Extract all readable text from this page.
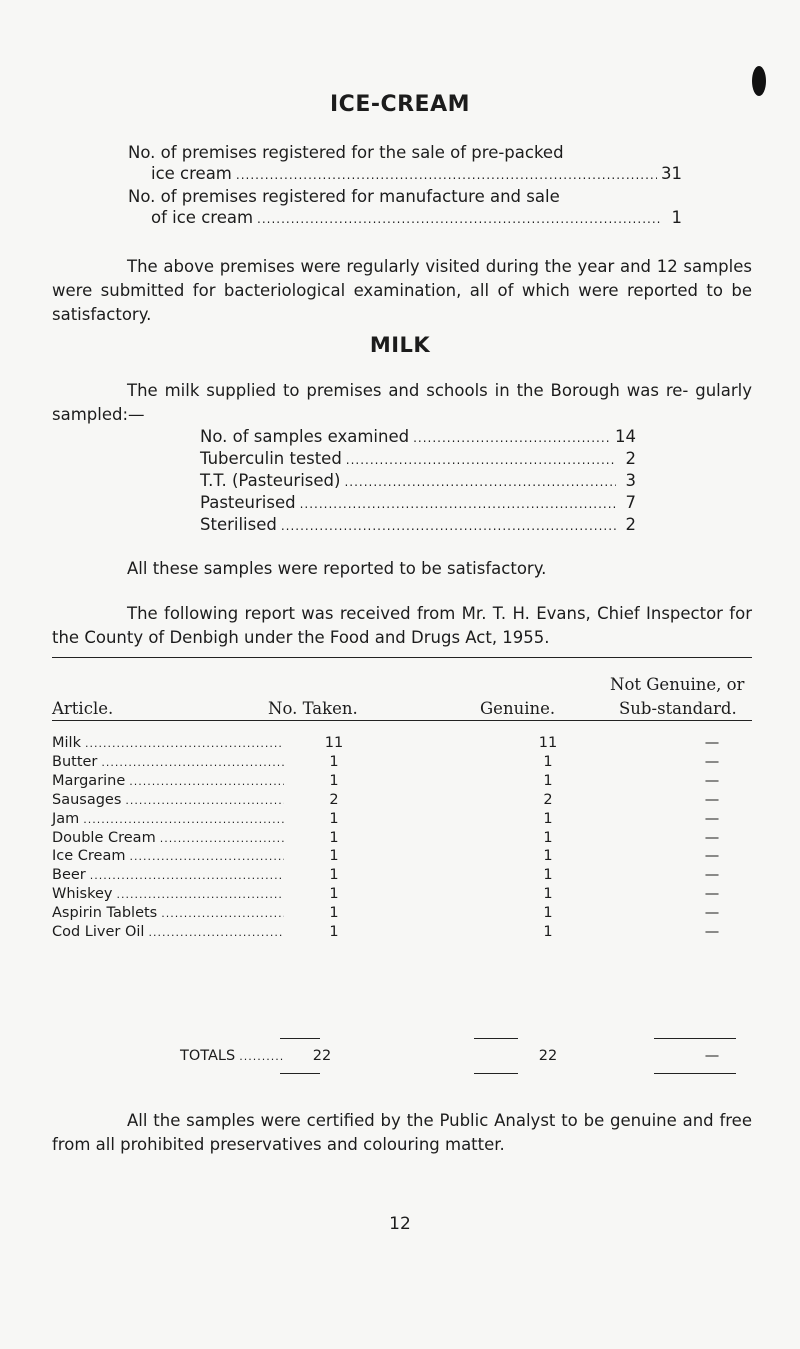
ICE-CREAM
No. of premises registered for the sale of pre-packed
ice cream .....	31
No. of premises registered for manufacture and sale
of ice cream .....	1

The above premises were regularly visited during the year and 12 samples were submitted for bacteriological examination, all of which were reported to be satisfactory.

MILK

The milk supplied to premises and schools in the Borough was re- gularly sampled:—

No. of samples examined .....	14
Tuberculin tested .....	2
T.T. (Pasteurised) .....	3
Pasteurised .....	7
Sterilised .....	2

All these samples were reported to be satisfactory.

The following report was received from Mr. T. H. Evans, Chief Inspector for the County of Denbigh under the Food and Drugs Act, 1955.

Article.	No. Taken.	Genuine.
Not Genuine, or
Sub-standard.
Milk .....	11	11	—
Butter .....	1	1	—
Margarine .....	1	1	—
Sausages .....	2	2	—
Jam .....	1	1	—
Double Cream .....	1	1	—
Ice Cream .....	1	1	—
Beer .....	1	1	—
Whiskey .....	1	1	—
Aspirin Tablets .....	1	1	—
Cod Liver Oil .....	1	1	—
TOTALS .....	22	22	—

All the samples were certified by the Public Analyst to be genuine and free from all prohibited preservatives and colouring matter.

12
